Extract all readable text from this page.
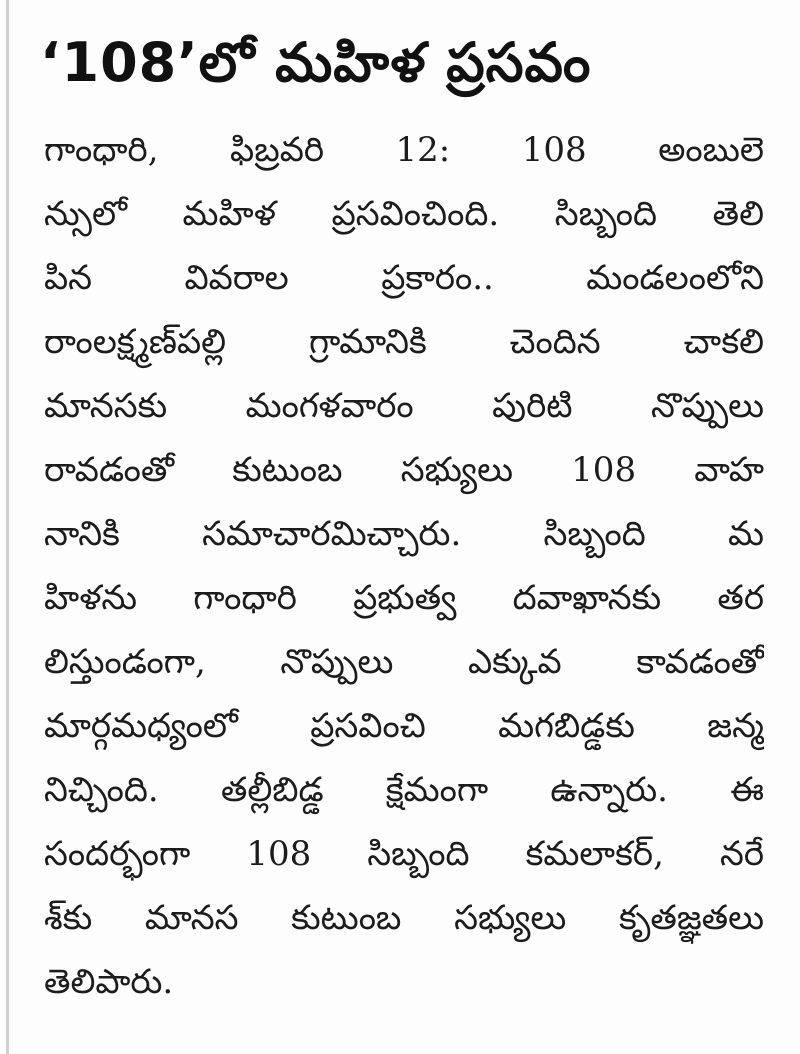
‘108’లో మహిళ ప్రసవం
గాంధారి, ఫిబ్రవరి 12: 108 అంబులె
న్సులో మహిళ ప్రసవించింది. సిబ్బంది తెలి
పిన వివరాల ప్రకారం.. మండలంలోని
రాంలక్ష్మణ్‌పల్లి గ్రామానికి చెందిన చాకలి
మానసకు మంగళవారం పురిటి నొప్పులు
రావడంతో కుటుంబ సభ్యులు 108 వాహ
నానికి సమాచారమిచ్చారు. సిబ్బంది మ
హిళను గాంధారి ప్రభుత్వ దవాఖానకు తర
లిస్తుండంగా, నొప్పులు ఎక్కువ కావడంతో
మార్గమధ్యంలో ప్రసవించి మగబిడ్డకు జన్మ
నిచ్చింది. తల్లీబిడ్డ క్షేమంగా ఉన్నారు. ఈ
సందర్భంగా 108 సిబ్బంది కమలాకర్, నరే
శ్‌కు మానస కుటుంబ సభ్యులు కృతజ్ఞతలు
తెలిపారు.
